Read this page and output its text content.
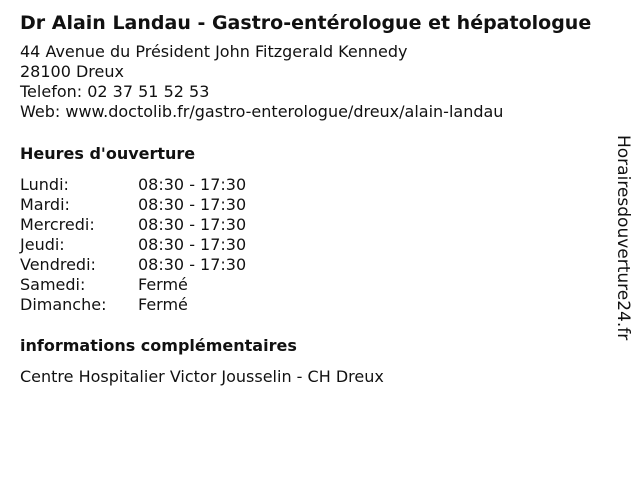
Dr Alain Landau - Gastro-entérologue et hépatologue
44 Avenue du Président John Fitzgerald Kennedy
28100 Dreux
Telefon: 02 37 51 52 53
Web: www.doctolib.fr/gastro-enterologue/dreux/alain-landau
Heures d'ouverture
Lundi:	08:30 - 17:30
Mardi:	08:30 - 17:30
Mercredi:	08:30 - 17:30
Jeudi:	08:30 - 17:30
Vendredi:	08:30 - 17:30
Samedi:	Fermé
Dimanche:	Fermé
informations complémentaires
Centre Hospitalier Victor Jousselin - CH Dreux
Horairesdouverture24.fr
